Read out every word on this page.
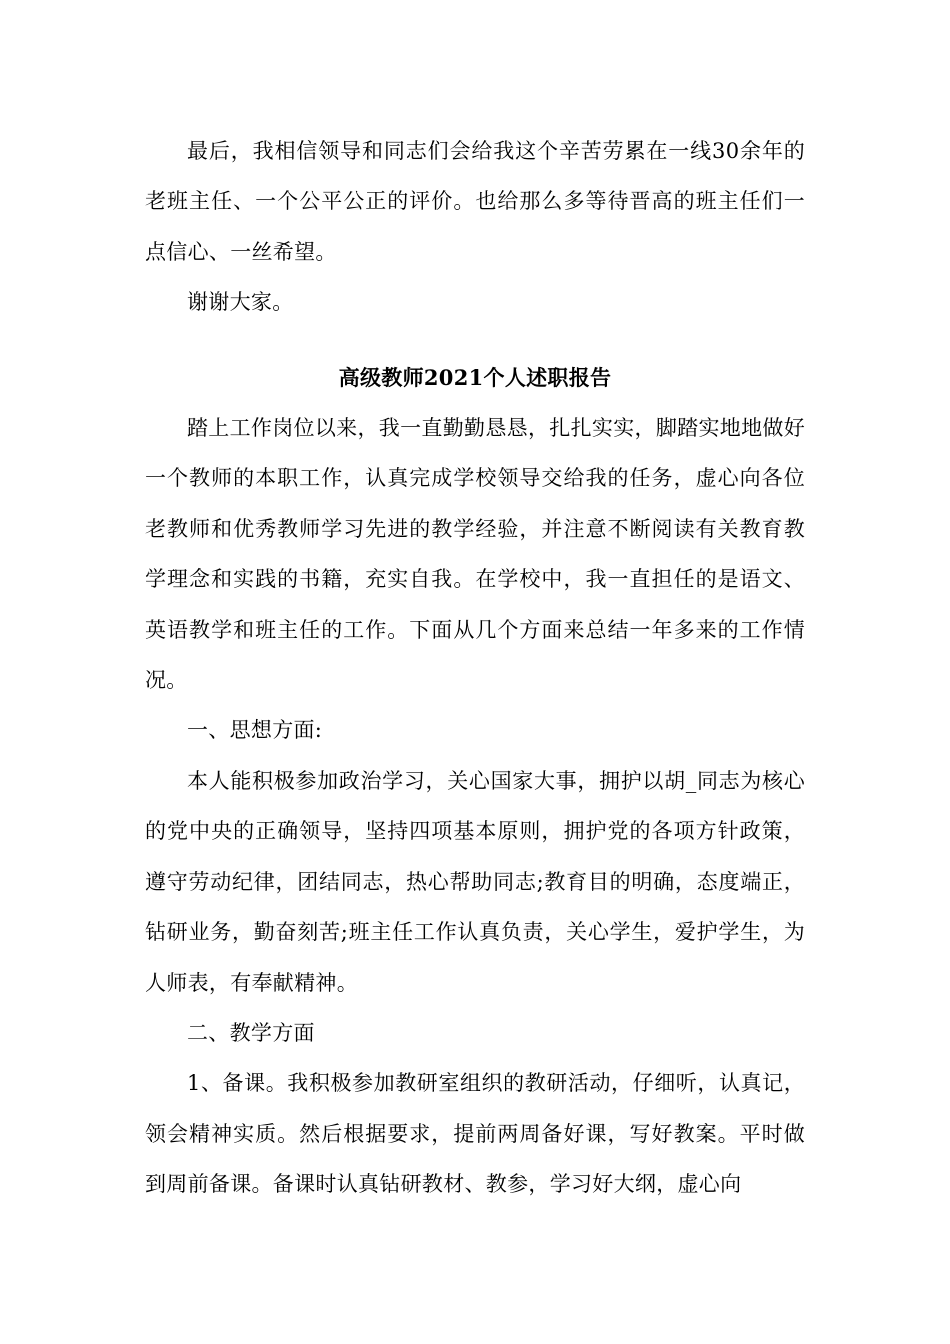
最后，我相信领导和同志们会给我这个辛苦劳累在一线30余年的老班主任、一个公平公正的评价。也给那么多等待晋高的班主任们一点信心、一丝希望。

谢谢大家。

高级教师2021个人述职报告

踏上工作岗位以来，我一直勤勤恳恳，扎扎实实，脚踏实地地做好一个教师的本职工作，认真完成学校领导交给我的任务，虚心向各位老教师和优秀教师学习先进的教学经验，并注意不断阅读有关教育教学理念和实践的书籍，充实自我。在学校中，我一直担任的是语文、英语教学和班主任的工作。下面从几个方面来总结一年多来的工作情况。

一、思想方面:

本人能积极参加政治学习，关心国家大事，拥护以胡_同志为核心的党中央的正确领导，坚持四项基本原则，拥护党的各项方针政策，遵守劳动纪律，团结同志，热心帮助同志;教育目的明确，态度端正，钻研业务，勤奋刻苦;班主任工作认真负责，关心学生，爱护学生，为人师表，有奉献精神。

二、教学方面

1、备课。我积极参加教研室组织的教研活动，仔细听，认真记，领会精神实质。然后根据要求，提前两周备好课，写好教案。平时做到周前备课。备课时认真钻研教材、教参，学习好大纲，虚心向
